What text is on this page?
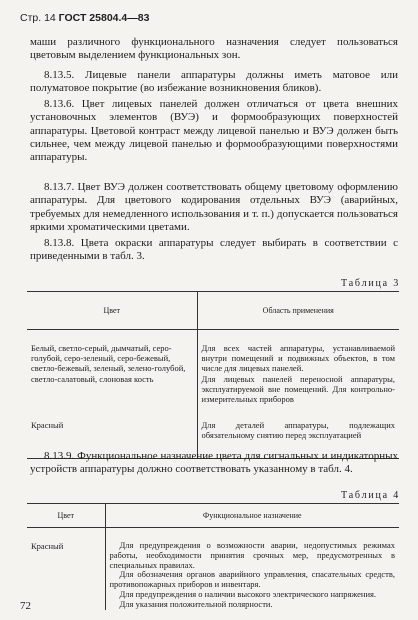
Стр. 14 ГОСТ 25804.4—83
маши различного функционального назначения следует пользоваться цветовым выделением функциональных зон.
8.13.5. Лицевые панели аппаратуры должны иметь матовое или полуматовое покрытие (во избежание возникновения бликов).
8.13.6. Цвет лицевых панелей должен отличаться от цвета внешних установочных элементов (ВУЭ) и формообразующих поверхностей аппаратуры. Цветовой контраст между лицевой панелью и ВУЭ должен быть сильнее, чем между лицевой панелью и формообразующими поверхностями аппаратуры.
8.13.7. Цвет ВУЭ должен соответствовать общему цветовому оформлению аппаратуры. Для цветового кодирования отдельных ВУЭ (аварийных, требуемых для немедленного использования и т. п.) допускается пользоваться яркими хроматическими цветами.
8.13.8. Цвета окраски аппаратуры следует выбирать в соответствии с приведенными в табл. 3.
Таблица 3
Цвет	Область применения
Белый, светло-серый, дымчатый, серо-голубой, серо-зеленый, серо-бежевый, светло-бежевый, зеленый, зелено-голубой, светло-салатовый, слоновая кость	Для всех частей аппаратуры, устанавливаемой внутри помещений и подвижных объектов, в том числе для лицевых панелей.
Для лицевых панелей переносной аппаратуры, эксплуатируемой вне помещений. Для контрольно-измерительных приборов

Красный	Для деталей аппаратуры, подлежащих обязательному снятию перед эксплуатацией
8.13.9. Функциональное назначение цвета для сигнальных и индикаторных устройств аппаратуры должно соответствовать указанному в табл. 4.
Таблица 4
Цвет	Функциональное назначение
Красный	Для предупреждения о возможности аварии, недопустимых режимах работы, необходимости принятия срочных мер, предусмотренных в специальных правилах.
Для обозначения органов аварийного управления, спасательных средств, противопожарных приборов и инвентаря.
Для предупреждения о наличии высокого электрического напряжения.
Для указания положительной полярности.
72
